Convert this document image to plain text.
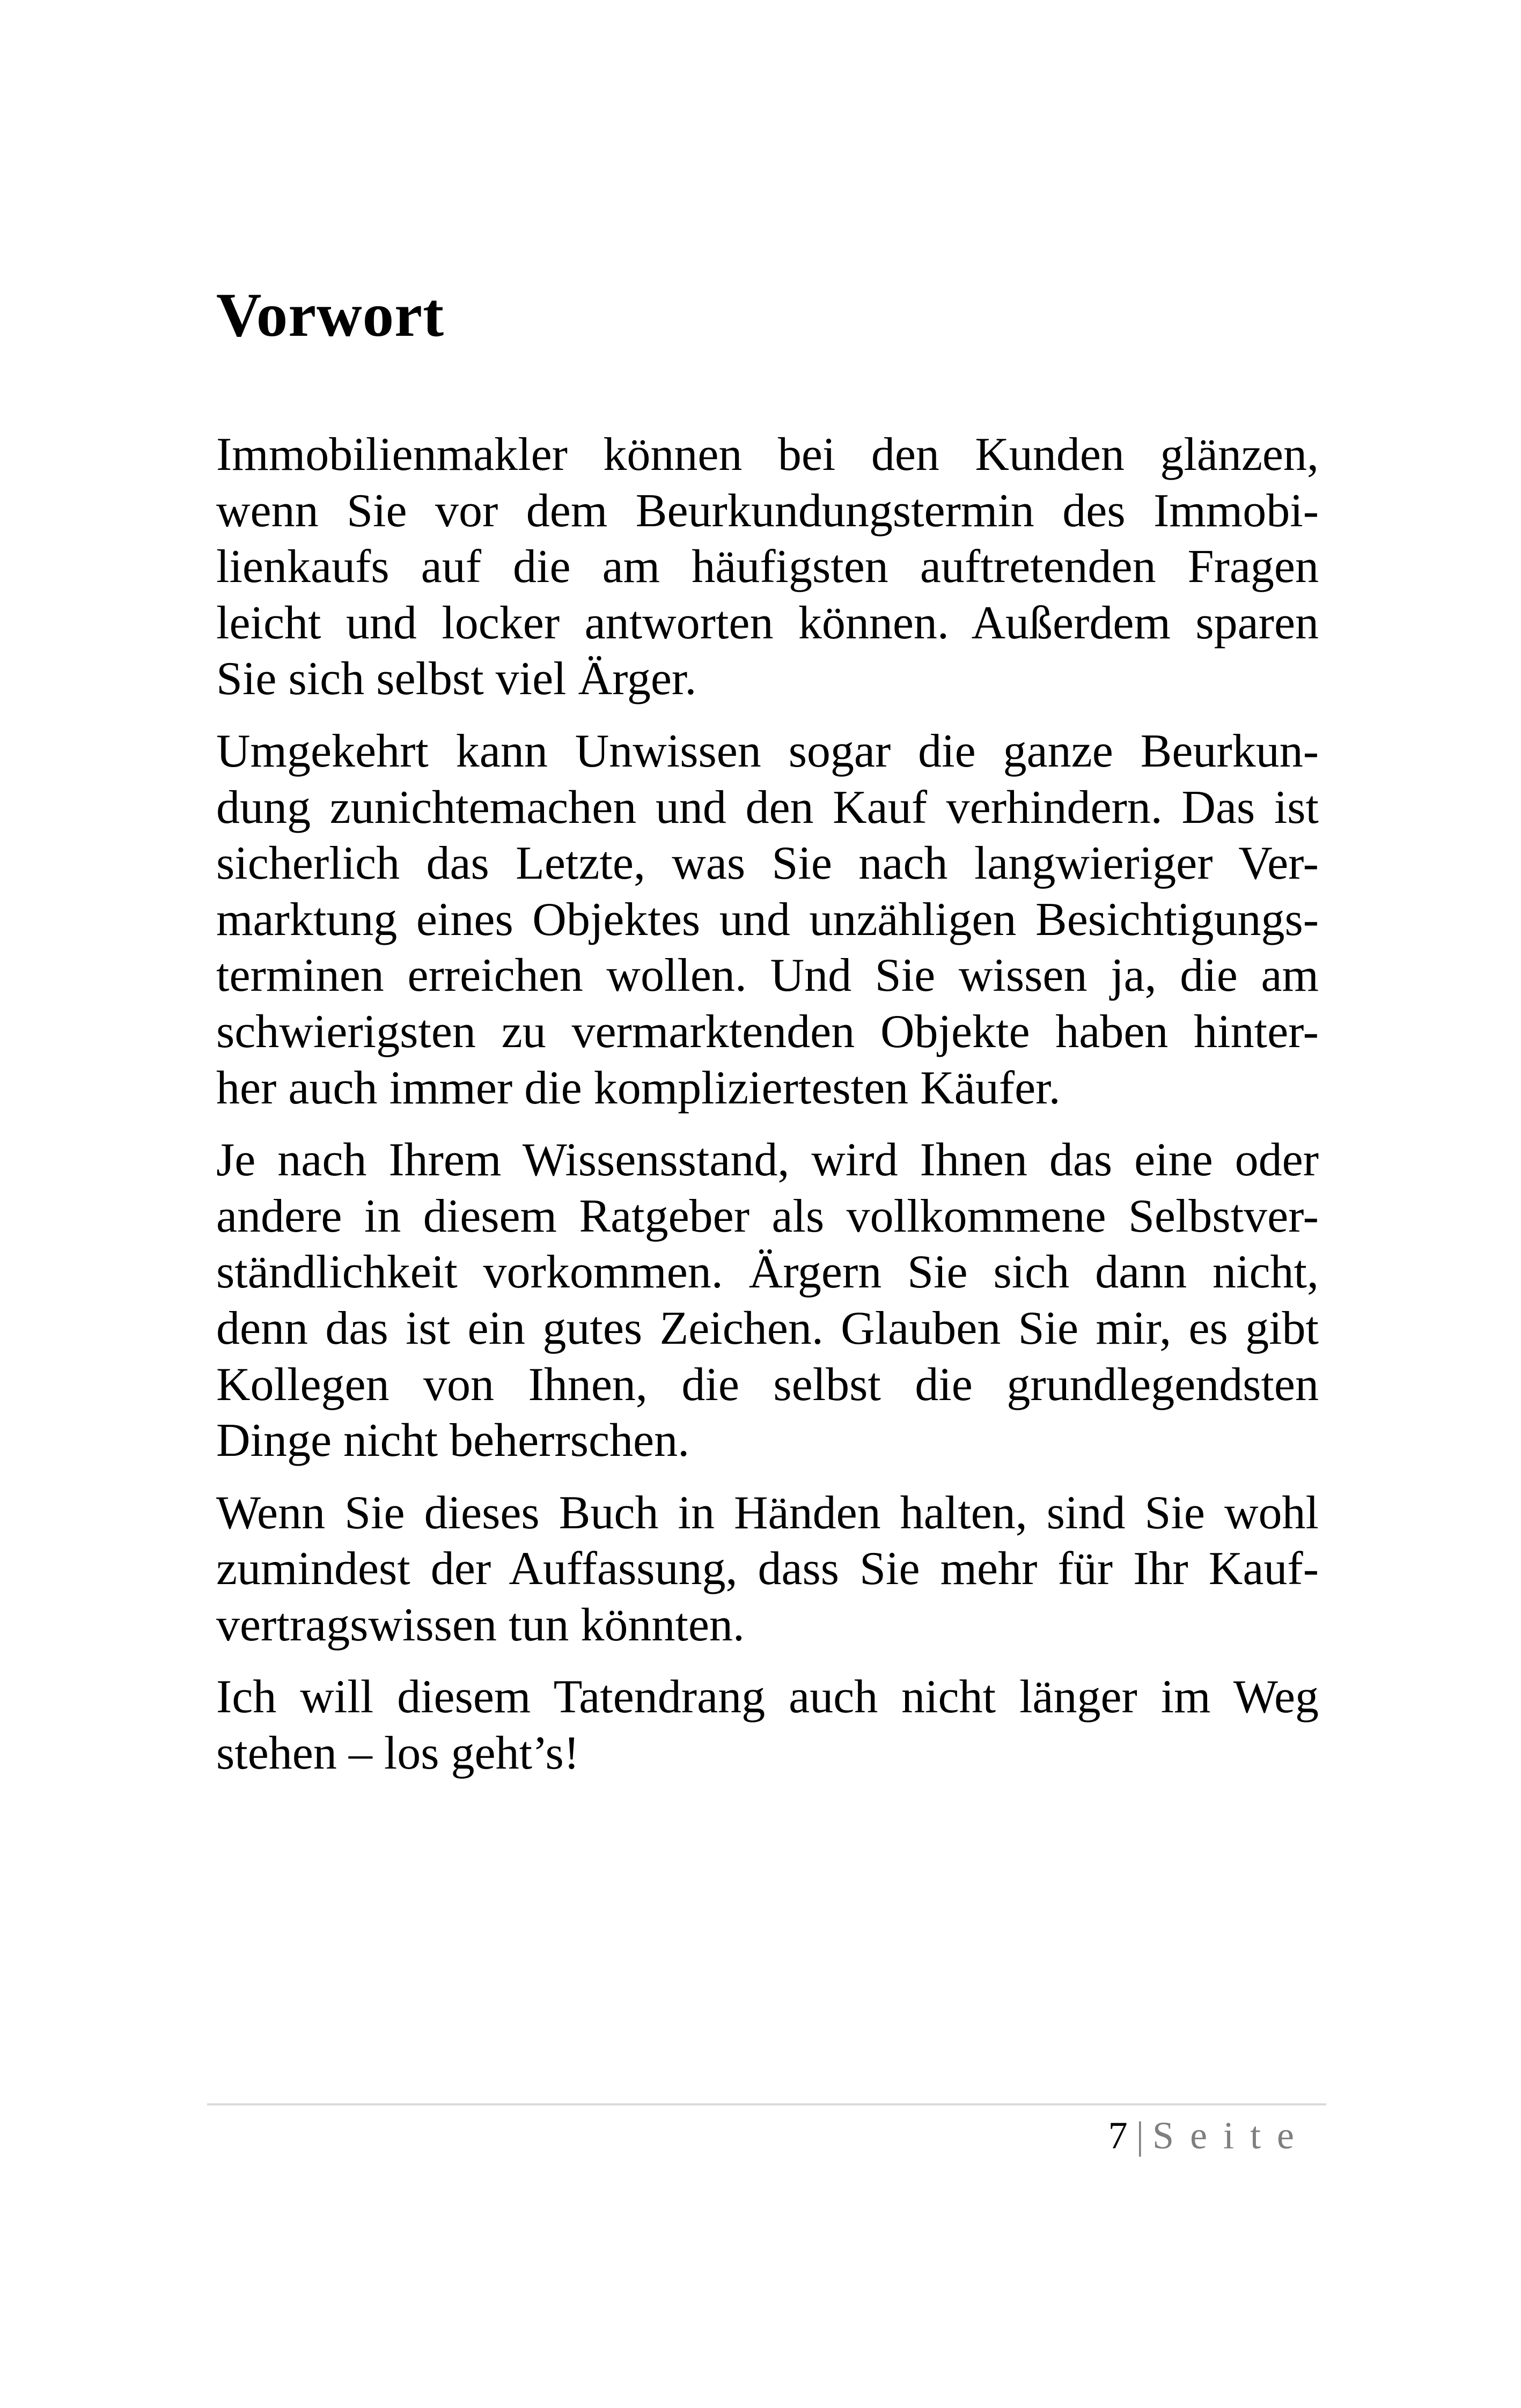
Vorwort

Immobilienmakler können bei den Kunden glänzen,
wenn Sie vor dem Beurkundungstermin des Immobi-
lienkaufs auf die am häufigsten auftretenden Fragen
leicht und locker antworten können. Außerdem sparen
Sie sich selbst viel Ärger.

Umgekehrt kann Unwissen sogar die ganze Beurkun-
dung zunichtemachen und den Kauf verhindern. Das ist
sicherlich das Letzte, was Sie nach langwieriger Ver-
marktung eines Objektes und unzähligen Besichtigungs-
terminen erreichen wollen. Und Sie wissen ja, die am
schwierigsten zu vermarktenden Objekte haben hinter-
her auch immer die kompliziertesten Käufer.

Je nach Ihrem Wissensstand, wird Ihnen das eine oder
andere in diesem Ratgeber als vollkommene Selbstver-
ständlichkeit vorkommen. Ärgern Sie sich dann nicht,
denn das ist ein gutes Zeichen. Glauben Sie mir, es gibt
Kollegen von Ihnen, die selbst die grundlegendsten
Dinge nicht beherrschen.

Wenn Sie dieses Buch in Händen halten, sind Sie wohl
zumindest der Auffassung, dass Sie mehr für Ihr Kauf-
vertragswissen tun könnten.

Ich will diesem Tatendrang auch nicht länger im Weg
stehen – los geht’s!

7 | Seite
